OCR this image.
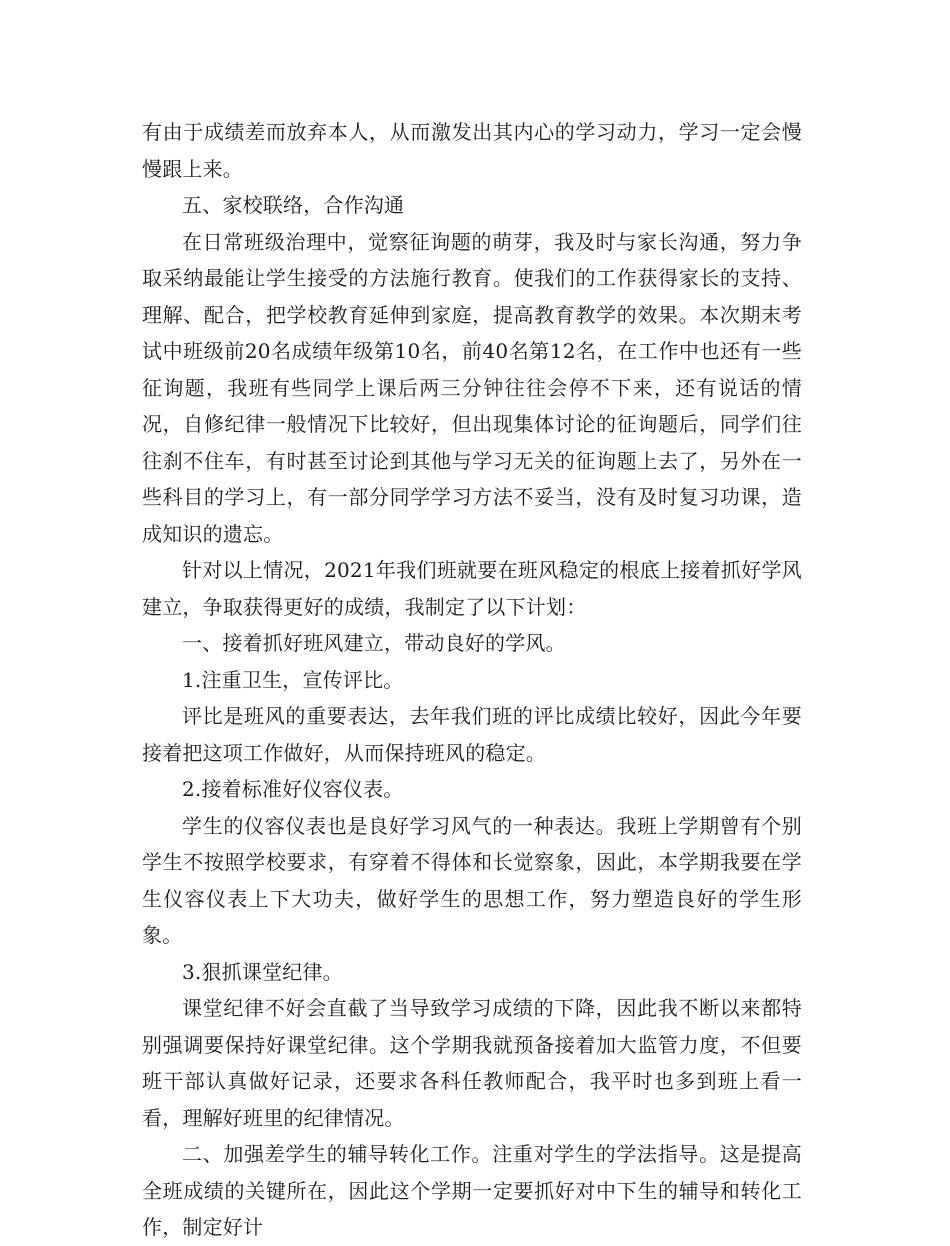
有由于成绩差而放弃本人，从而激发出其内心的学习动力，学习一定会慢慢跟上来。

五、家校联络，合作沟通

在日常班级治理中，觉察征询题的萌芽，我及时与家长沟通，努力争取采纳最能让学生接受的方法施行教育。使我们的工作获得家长的支持、理解、配合，把学校教育延伸到家庭，提高教育教学的效果。本次期末考试中班级前20名成绩年级第10名，前40名第12名，在工作中也还有一些征询题，我班有些同学上课后两三分钟往往会停不下来，还有说话的情况，自修纪律一般情况下比较好，但出现集体讨论的征询题后，同学们往往刹不住车，有时甚至讨论到其他与学习无关的征询题上去了，另外在一些科目的学习上，有一部分同学学习方法不妥当，没有及时复习功课，造成知识的遗忘。

针对以上情况，2021年我们班就要在班风稳定的根底上接着抓好学风建立，争取获得更好的成绩，我制定了以下计划：

一、接着抓好班风建立，带动良好的学风。

1.注重卫生，宣传评比。

评比是班风的重要表达，去年我们班的评比成绩比较好，因此今年要接着把这项工作做好，从而保持班风的稳定。

2.接着标准好仪容仪表。

学生的仪容仪表也是良好学习风气的一种表达。我班上学期曾有个别学生不按照学校要求，有穿着不得体和长觉察象，因此，本学期我要在学生仪容仪表上下大功夫，做好学生的思想工作，努力塑造良好的学生形象。

3.狠抓课堂纪律。

课堂纪律不好会直截了当导致学习成绩的下降，因此我不断以来都特别强调要保持好课堂纪律。这个学期我就预备接着加大监管力度，不但要班干部认真做好记录，还要求各科任教师配合，我平时也多到班上看一看，理解好班里的纪律情况。

二、加强差学生的辅导转化工作。注重对学生的学法指导。这是提高全班成绩的关键所在，因此这个学期一定要抓好对中下生的辅导和转化工作，制定好计
